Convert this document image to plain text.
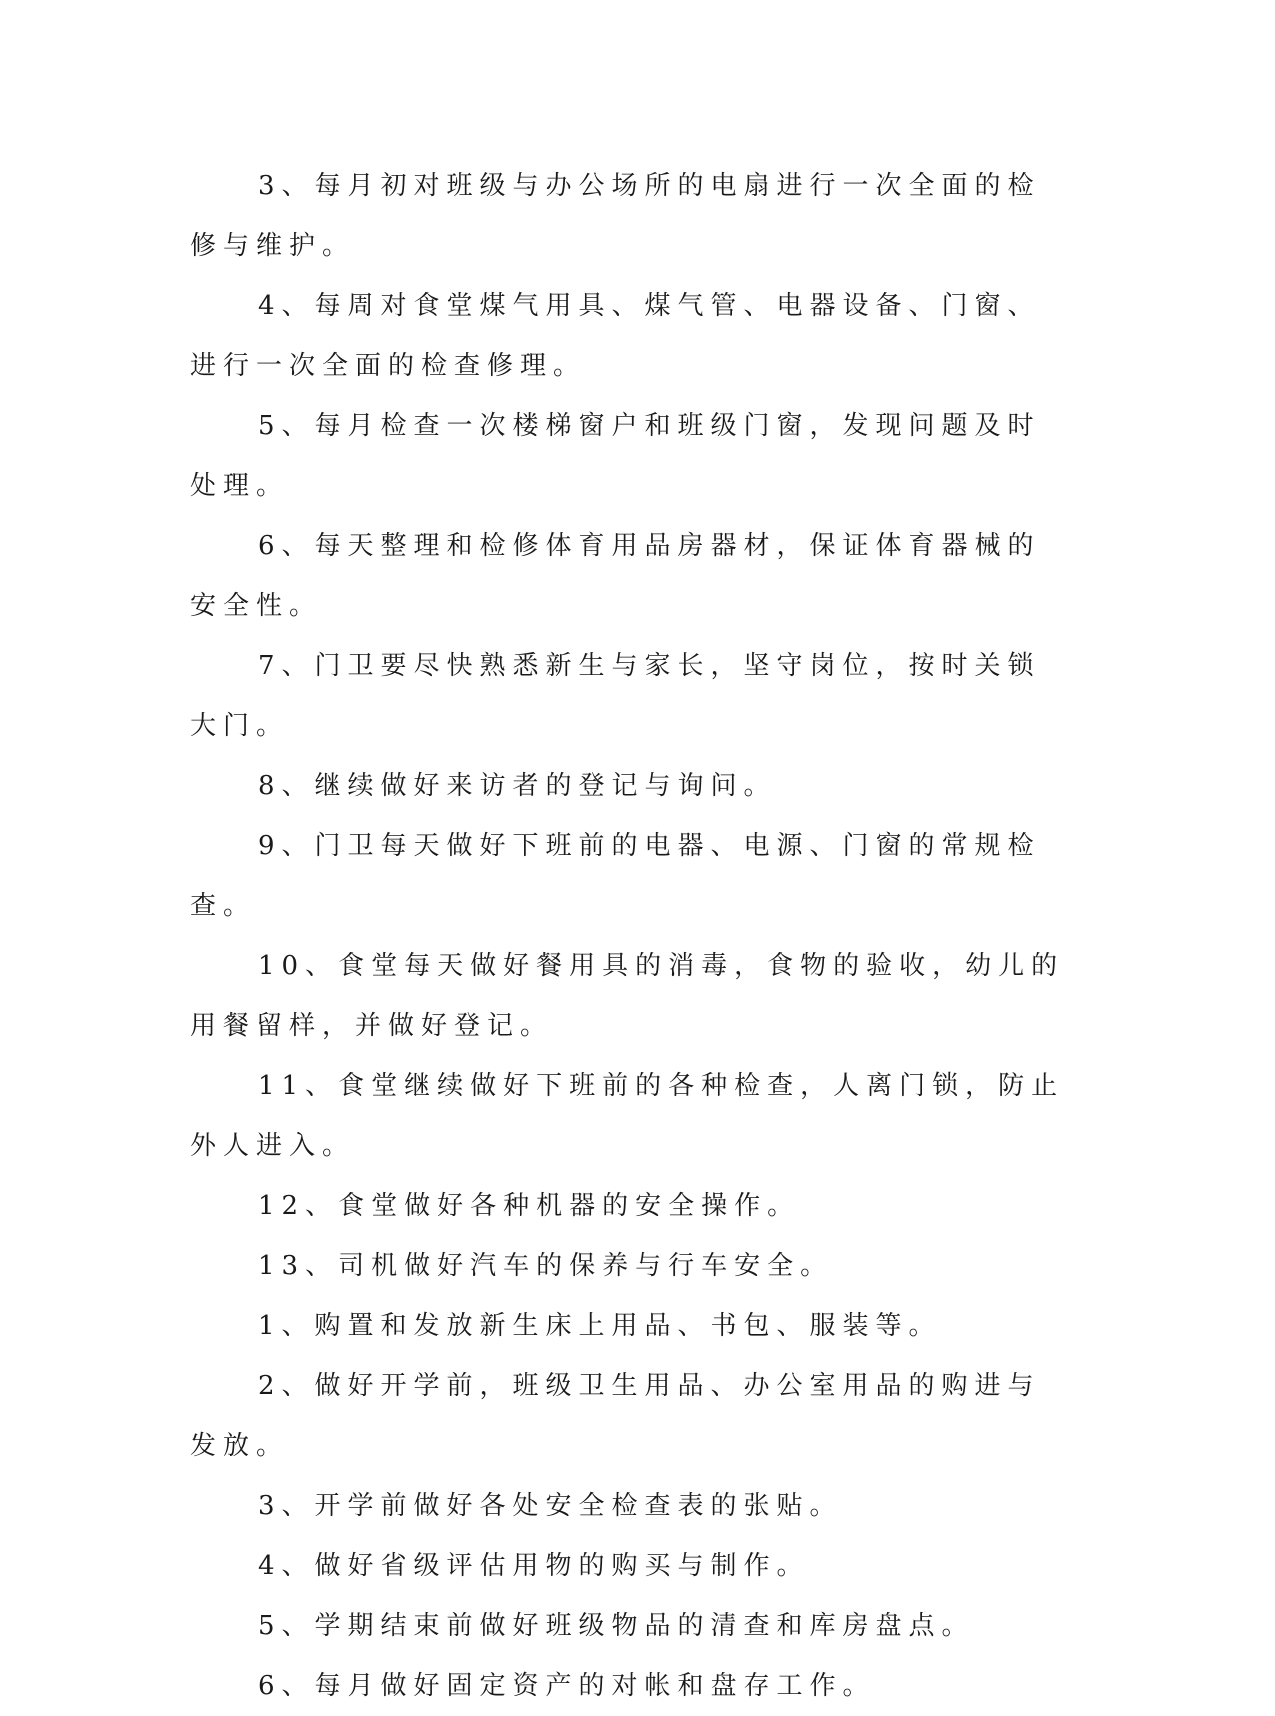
3、每月初对班级与办公场所的电扇进行一次全面的检修与维护。

4、每周对食堂煤气用具、煤气管、电器设备、门窗、进行一次全面的检查修理。

5、每月检查一次楼梯窗户和班级门窗，发现问题及时处理。

6、每天整理和检修体育用品房器材，保证体育器械的安全性。

7、门卫要尽快熟悉新生与家长，坚守岗位，按时关锁大门。

8、继续做好来访者的登记与询问。

9、门卫每天做好下班前的电器、电源、门窗的常规检查。

10、食堂每天做好餐用具的消毒，食物的验收，幼儿的用餐留样，并做好登记。

11、食堂继续做好下班前的各种检查，人离门锁，防止外人进入。

12、食堂做好各种机器的安全操作。

13、司机做好汽车的保养与行车安全。

1、购置和发放新生床上用品、书包、服装等。

2、做好开学前，班级卫生用品、办公室用品的购进与发放。

3、开学前做好各处安全检查表的张贴。

4、做好省级评估用物的购买与制作。

5、学期结束前做好班级物品的清查和库房盘点。

6、每月做好固定资产的对帐和盘存工作。
